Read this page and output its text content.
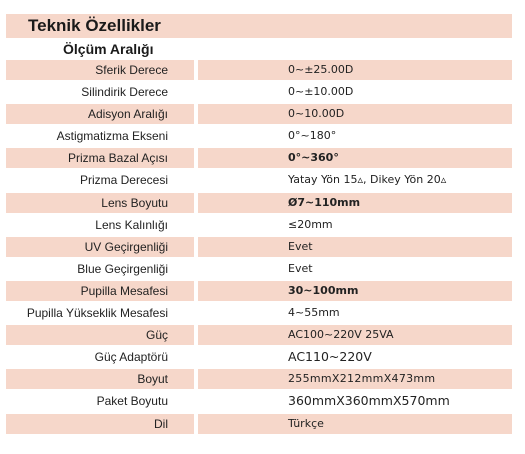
Teknik Özellikler
Ölçüm Aralığı
Sferik Derece	0~±25.00D
Silindirik Derece	0~±10.00D
Adisyon Aralığı	0~10.00D
Astigmatizma Ekseni	0°~180°
Prizma Bazal Açısı	0°~360°
Prizma Derecesi	Yatay Yön 15▵, Dikey Yön 20▵
Lens Boyutu	Ø7~110mm
Lens Kalınlığı	≤20mm
UV Geçirgenliği	Evet
Blue Geçirgenliği	Evet
Pupilla Mesafesi	30~100mm
Pupilla Yükseklik Mesafesi	4~55mm
Güç	AC100~220V 25VA
Güç Adaptörü	AC110~220V
Boyut	255mmX212mmX473mm
Paket Boyutu	360mmX360mmX570mm
Dil	Türkçe
